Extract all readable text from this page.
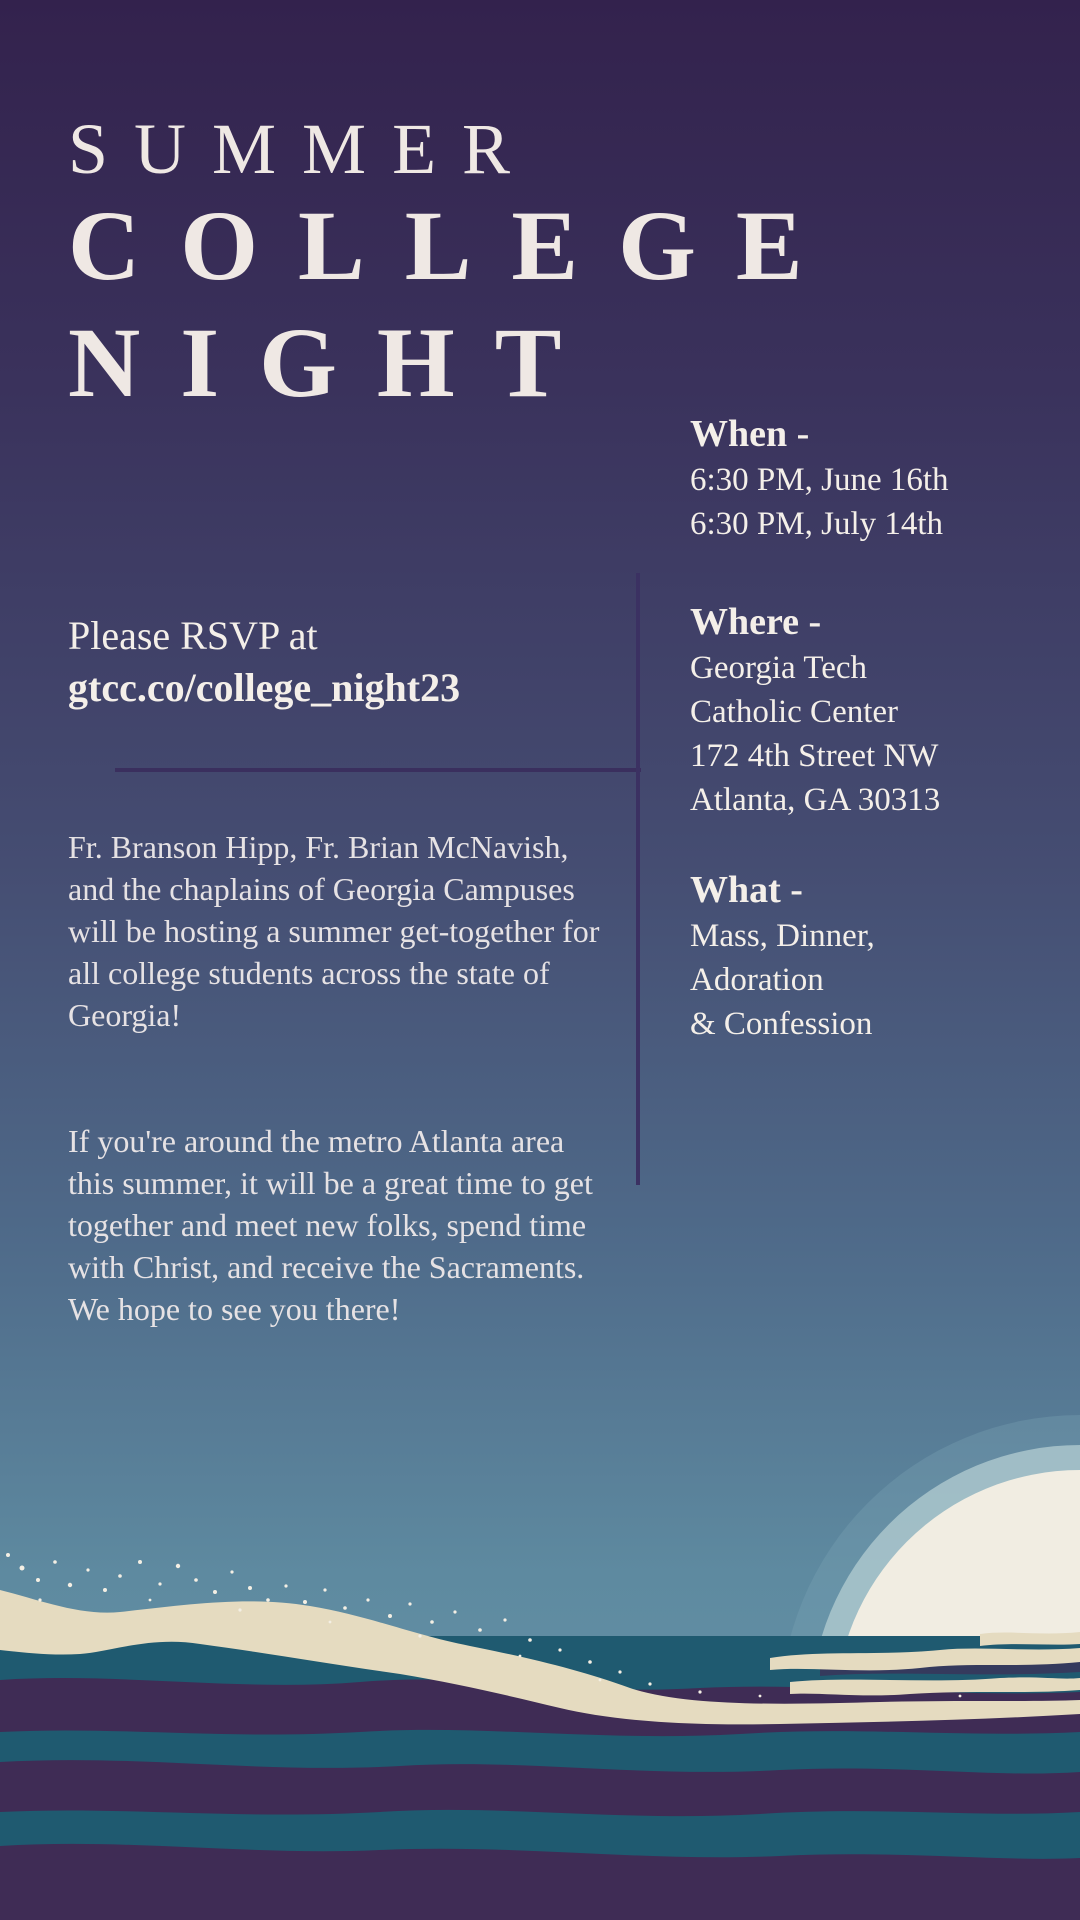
SUMMER
COLLEGE
NIGHT
Please RSVP at
gtcc.co/college_night23
Fr. Branson Hipp, Fr. Brian McNavish, and the chaplains of Georgia Campuses will be hosting a summer get-together for all college students across the state of Georgia!
If you're around the metro Atlanta area this summer, it will be a great time to get together and meet new folks, spend time with Christ, and receive the Sacraments. We hope to see you there!
When -
6:30 PM, June 16th
6:30 PM, July 14th
Where -
Georgia Tech
Catholic Center
172 4th Street NW
Atlanta, GA 30313
What -
Mass, Dinner,
Adoration
& Confession
